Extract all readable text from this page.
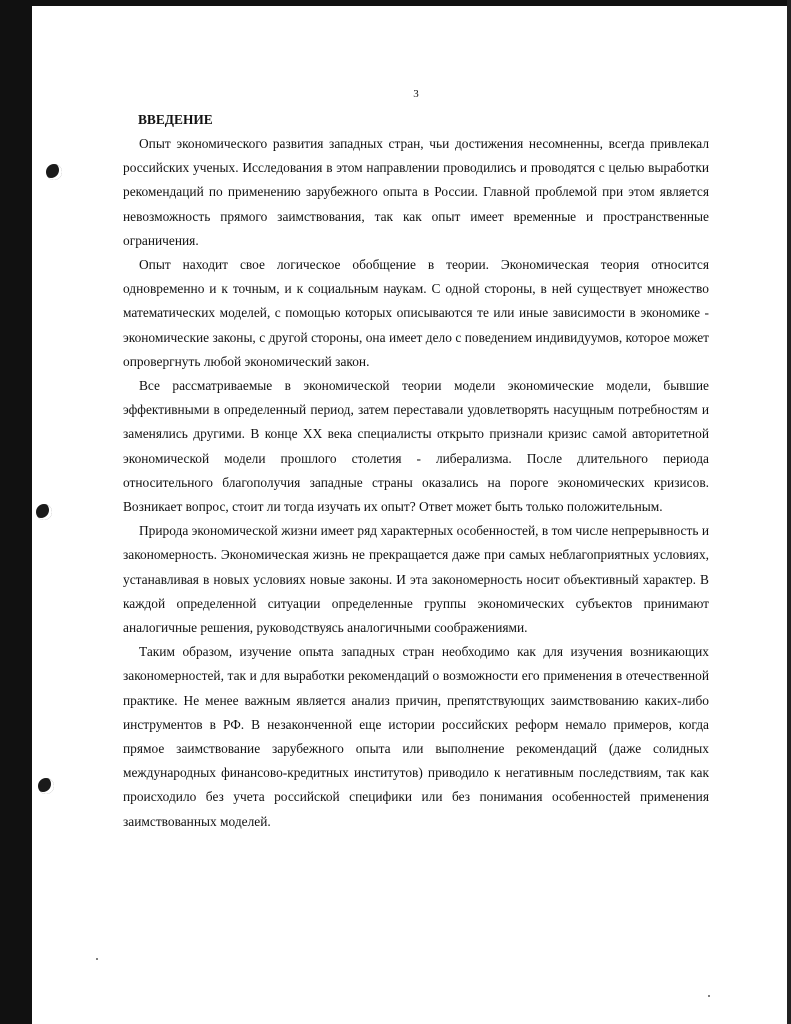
3
ВВЕДЕНИЕ

Опыт экономического развития западных стран, чьи достижения несомненны, всегда привлекал российских ученых. Исследования в этом направлении проводились и проводятся с целью выработки рекомендаций по применению зарубежного опыта в России. Главной проблемой при этом является невозможность прямого заимствования, так как опыт имеет временные и пространственные ограничения.

Опыт находит свое логическое обобщение в теории. Экономическая теория относится одновременно и к точным, и к социальным наукам. С одной стороны, в ней существует множество математических моделей, с помощью которых описываются те или иные зависимости в экономике - экономические законы, с другой стороны, она имеет дело с поведением индивидуумов, которое может опровергнуть любой экономический закон.

Все рассматриваемые в экономической теории модели экономические модели, бывшие эффективными в определенный период, затем переставали удовлетворять насущным потребностям и заменялись другими. В конце XX века специалисты открыто признали кризис самой авторитетной экономической модели прошлого столетия - либерализма. После длительного периода относительного благополучия западные страны оказались на пороге экономических кризисов. Возникает вопрос, стоит ли тогда изучать их опыт? Ответ может быть только положительным.

Природа экономической жизни имеет ряд характерных особенностей, в том числе непрерывность и закономерность. Экономическая жизнь не прекращается даже при самых неблагоприятных условиях, устанавливая в новых условиях новые законы. И эта закономерность носит объективный характер. В каждой определенной ситуации определенные группы экономических субъектов принимают аналогичные решения, руководствуясь аналогичными соображениями.

Таким образом, изучение опыта западных стран необходимо как для изучения возникающих закономерностей, так и для выработки рекомендаций о возможности его применения в отечественной практике. Не менее важным является анализ причин, препятствующих заимствованию каких-либо инструментов в РФ. В незаконченной еще истории российских реформ немало примеров, когда прямое заимствование зарубежного опыта или выполнение рекомендаций (даже солидных международных финансово-кредитных институтов) приводило к негативным последствиям, так как происходило без учета российской специфики или без понимания особенностей применения заимствованных моделей.
